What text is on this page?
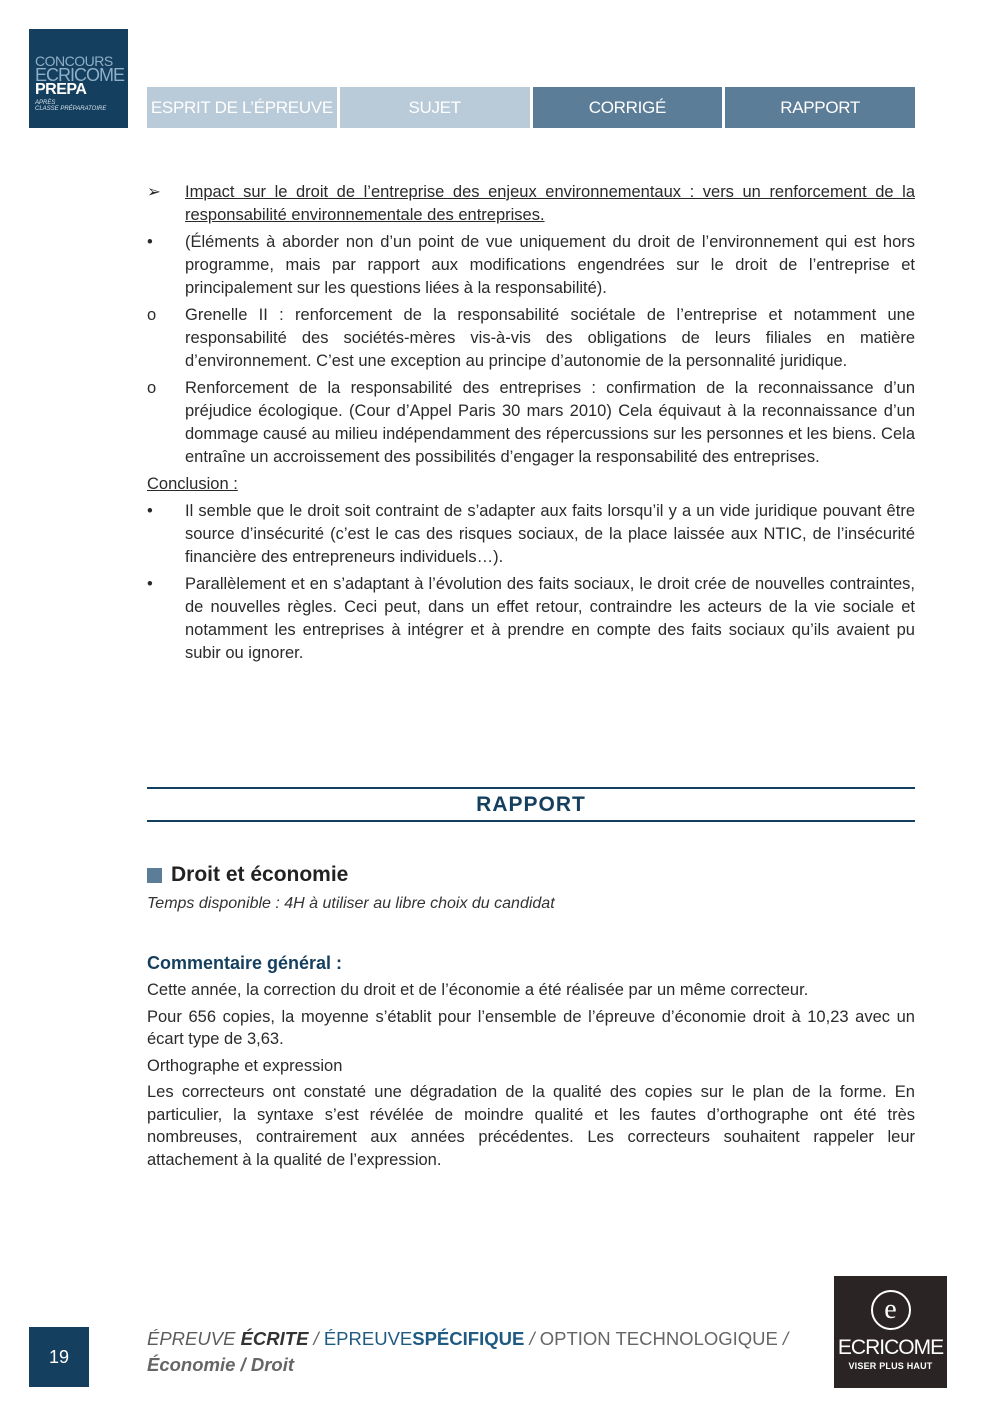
CONCOURS
ECRICOME
PREPA
APRÈS
CLASSE PRÉPARATOIRE	ESPRIT DE L’ÉPREUVE	SUJET	CORRIGÉ	RAPPORT
➢	Impact sur le droit de l’entreprise des enjeux environnementaux : vers un renforcement de la responsabilité environnementale des entreprises.
•	(Éléments à aborder non d’un point de vue uniquement du droit de l’environnement qui est hors programme, mais par rapport aux modifications engendrées sur le droit de l’entreprise et principalement sur les questions liées à la responsabilité).
o	Grenelle II : renforcement de la responsabilité sociétale de l’entreprise et notamment une responsabilité des sociétés-mères vis-à-vis des obligations de leurs filiales en matière d’environnement. C’est une exception au principe d’autonomie de la personnalité juridique.
o	Renforcement de la responsabilité des entreprises : confirmation de la reconnaissance d’un préjudice écologique. (Cour d’Appel Paris 30 mars 2010) Cela équivaut à la reconnaissance d’un dommage causé au milieu indépendamment des répercussions sur les personnes et les biens. Cela entraîne un accroissement des possibilités d’engager la responsabilité des entreprises.
Conclusion :
•	Il semble que le droit soit contraint de s’adapter aux faits lorsqu’il y a un vide juridique pouvant être source d’insécurité (c’est le cas des risques sociaux, de la place laissée aux NTIC, de l’insécurité financière des entrepreneurs individuels…).
•	Parallèlement et en s’adaptant à l’évolution des faits sociaux, le droit crée de nouvelles contraintes, de nouvelles règles. Ceci peut, dans un effet retour, contraindre les acteurs de la vie sociale et notamment les entreprises à intégrer et à prendre en compte des faits sociaux qu’ils avaient pu subir ou ignorer.
RAPPORT
Droit et économie
Temps disponible : 4H à utiliser au libre choix du candidat
Commentaire général :
Cette année, la correction du droit et de l’économie a été réalisée par un même correcteur.
Pour 656 copies, la moyenne s’établit pour l’ensemble de l’épreuve d’économie droit à 10,23 avec un écart type de 3,63.
Orthographe et expression
Les correcteurs ont constaté une dégradation de la qualité des copies sur le plan de la forme. En particulier, la syntaxe s’est révélée de moindre qualité et les fautes d’orthographe ont été très nombreuses, contrairement aux années précédentes. Les correcteurs souhaitent rappeler leur attachement à la qualité de l’expression.
19
ÉPREUVE ÉCRITE / ÉPREUVESPÉCIFIQUE / OPTION TECHNOLOGIQUE /
Économie / Droit
e
ECRICOME
VISER PLUS HAUT
